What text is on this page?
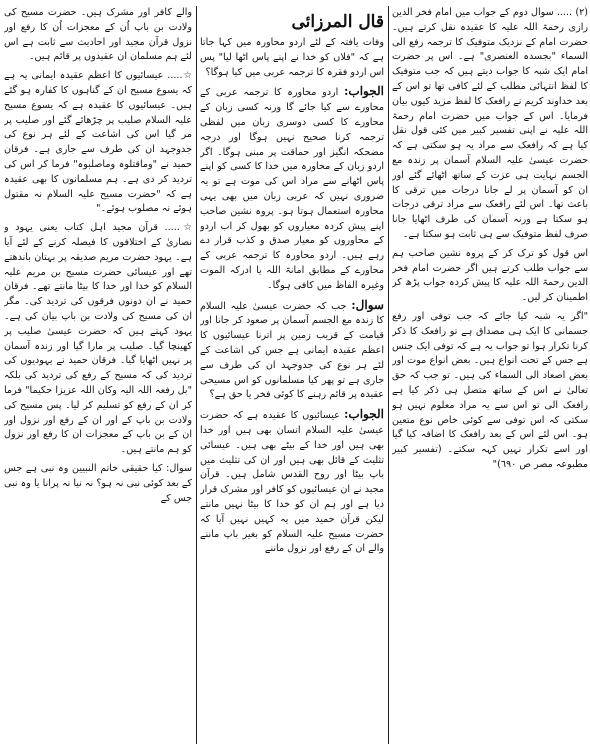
(۲) ..... سوال دوم کے جواب میں امام فخر الدین رازی رحمۃ اللہ علیہ کا عقیدہ نقل کرتے ہیں۔ حضرت امام کے نزدیک متوفیک کا ترجمہ رفع الی السماء "بجسدہ العنصری" ہے۔ اس پر حضرت امام ایک شبہ کا جواب دیتے ہیں کہ جب متوفیک کا لفظ انتہائی مطلب کے لئے کافی تھا تو اس کے بعد خداوند کریم نے رافعک کا لفظ مزید کیوں بیان فرمایا۔ اس کے جواب میں حضرت امام رحمۃ اللہ علیہ نے اپنی تفسیر کبیر میں کئی قول نقل کیا ہے کہ رافعک سے مراد یہ ہو سکتی ہے کہ حضرت عیسیٰ علیہ السلام آسمان پر زندہ مع الجسم نہایت ہی عزت کے ساتھ اٹھائے گئے اور ان کو آسمان پر لے جانا درجات میں ترقی کا باعث تھا۔ اس لئے رافعک سے مراد ترقی درجات ہو سکتا ہے ورنہ آسمان کی طرف اٹھایا جانا صرف لفظ متوفیک سے ہی ثابت ہو سکتا ہے۔

اس قول کو ترک کر کے پروہ نشین صاحب ہم سے جواب طلب کرتے ہیں اگر حضرت امام فخر الدین رحمۃ اللہ علیہ کا پیش کردہ جواب پڑھ کر اطمینان کر لیں۔

"اگر یہ شبہ کیا جائے کہ جب توفی اور رفع جسمانی کا ایک ہی مصداق ہے تو رافعک کا ذکر کرنا تکرار ہوا تو جواب یہ ہے کہ توفی ایک جنس ہے جس کے تحت انواع ہیں۔ بعض انواع موت اور بعض اصعاد الی السماء کی ہیں۔ تو جب کہ حق تعالیٰ نے اس کے ساتھ متصل ہی ذکر کیا ہے رافعک الی تو اس سے یہ مراد معلوم نہیں ہو سکتی کہ اس توفی سے کوئی خاص نوع متعین ہو۔ اس لئے اس کے بعد رافعک کا اضافہ کیا گیا اور اسے تکرار نہیں کہہ سکتے۔ (تفسیر کبیر مطبوعہ مصر ص ٦٩٠)"

قال المرزائی

وفات یافتہ کے لئے اردو محاورہ میں کہا جاتا ہے کہ "فلاں کو خدا نے اپنے پاس اٹھا لیا" پس اس اردو فقرہ کا ترجمہ عربی میں کیا ہوگا؟

الجواب: اردو محاورہ کا ترجمہ عربی کے محاورے سے کیا جائے گا ورنہ کسی زبان کے محاورے کا کسی دوسری زبان میں لفظی ترجمہ کرنا صحیح نہیں ہوگا اور درجہ مضحکہ انگیز اور حماقت پر مبنی ہوگا۔ اگر اردو زبان کے محاورہ میں خدا کا کسی کو اپنے پاس اٹھانے سے مراد اس کی موت ہے تو یہ ضروری نہیں کہ عربی زبان میں بھی یہی محاورہ استعمال ہوتا ہو۔ پروہ نشین صاحب اپنے پیش کردہ معیاروں کو بھول کر اب اردو کے محاوروں کو معیار صدق و کذب قرار دے رہے ہیں۔ اردو محاورہ کا ترجمہ عربی کے محاورے کے مطابق امانۃ اللہ یا ادرکہ الموت وغیرہ الفاظ میں کافی ہوگا۔

سوال: جب کہ حضرت عیسیٰ علیہ السلام کا زندہ مع الجسم آسمان پر صعود کر جانا اور قیامت کے قریب زمین پر اترنا عیسائیوں کا اعظم عقیدہ ایمانی ہے جس کی اشاعت کے لئے ہر نوع کی جدوجہد ان کی طرف سے جاری ہے تو پھر کیا مسلمانوں کو اس مسیحی عقیدہ پر قائم رہنے کا کوئی فخر یا حق ہے؟

الجواب: عیسائیوں کا عقیدہ ہے کہ حضرت عیسیٰ علیہ السلام انسان بھی ہیں اور خدا بھی ہیں اور خدا کے بیٹے بھی ہیں۔ عیسائی تثلیث کے قائل بھی ہیں اور ان کی تثلیث میں باپ بیٹا اور روح القدس شامل ہیں۔ قرآن مجید نے ان عیسائیوں کو کافر اور مشرک قرار دیا ہے اور ہم ان کو خدا کا بیٹا نہیں مانتے لیکن قرآن حمید میں یہ کہیں نہیں آیا کہ حضرت مسیح علیہ السلام کو بغیر باپ ماننے والے ان کے رفع اور نزول ماننے

والے کافر اور مشرک ہیں۔ حضرت مسیح کی ولادت بن باپ اُن کے معجزات اُن کا رفع اور نزول قرآن مجید اور احادیث سے ثابت ہے اس لئے ہم مسلمان ان عقیدوں پر قائم ہیں۔

☆..... عیسائیوں کا اعظم عقیدہ ایمانی یہ ہے کہ یسوع مسیح ان کے گناہوں کا کفارہ ہو گئے ہیں۔ عیسائیوں کا عقیدہ ہے کہ یسوع مسیح علیہ السلام صلیب پر چڑھائے گئے اور صلیب پر مر گیا اس کی اشاعت کے لئے ہر نوع کی جدوجہد ان کی طرف سے جاری ہے۔ فرقان حمید نے "وماقتلوہ وماصلبوہ" فرما کر اس کی تردید کر دی ہے۔ ہم مسلمانوں کا بھی عقیدہ ہے کہ "حضرت مسیح علیہ السلام نہ مقتول ہوئے نہ مصلوب ہوئے۔"

☆..... قرآن مجید اہل کتاب یعنی یہود و نصاریٰ کے اختلافوں کا فیصلہ کرنے کے لئے آیا ہے۔ یہود حضرت مریم صدیقہ پر بہتان باندھتے تھے اور عیسائی حضرت مسیح بن مریم علیہ السلام کو خدا اور خدا کا بیٹا مانتے تھے۔ فرقان حمید نے ان دونوں فرقوں کی تردید کی۔ مگر ان کی مسیح کی ولادت بن باپ بیان کی ہے۔ یہود کہتے ہیں کہ حضرت عیسیٰ صلیب پر کھینچا گیا۔ صلیب پر مارا گیا اور زندہ آسمان پر نہیں اٹھایا گیا۔ فرقان حمید نے یہودیوں کی تردید کی کہ مسیح کے رفع کی تردید کی بلکہ "بل رفعہ اللہ الیہ وکان اللہ عزیزا حکیما" فرما کر ان کے رفع کو تسلیم کر لیا۔ پس مسیح کی ولادت بن باپ کے اور ان کے رفع اور نزول اور ان کے بن باپ کے معجزات ان کا رفع اور نزول کو ہم مانتے ہیں۔

سوال: کیا حقیقی خاتم النبیین وہ نبی ہے جس کے بعد کوئی نبی نہ ہو؟ نہ نیا نہ پرانا یا وہ نبی جس کے
